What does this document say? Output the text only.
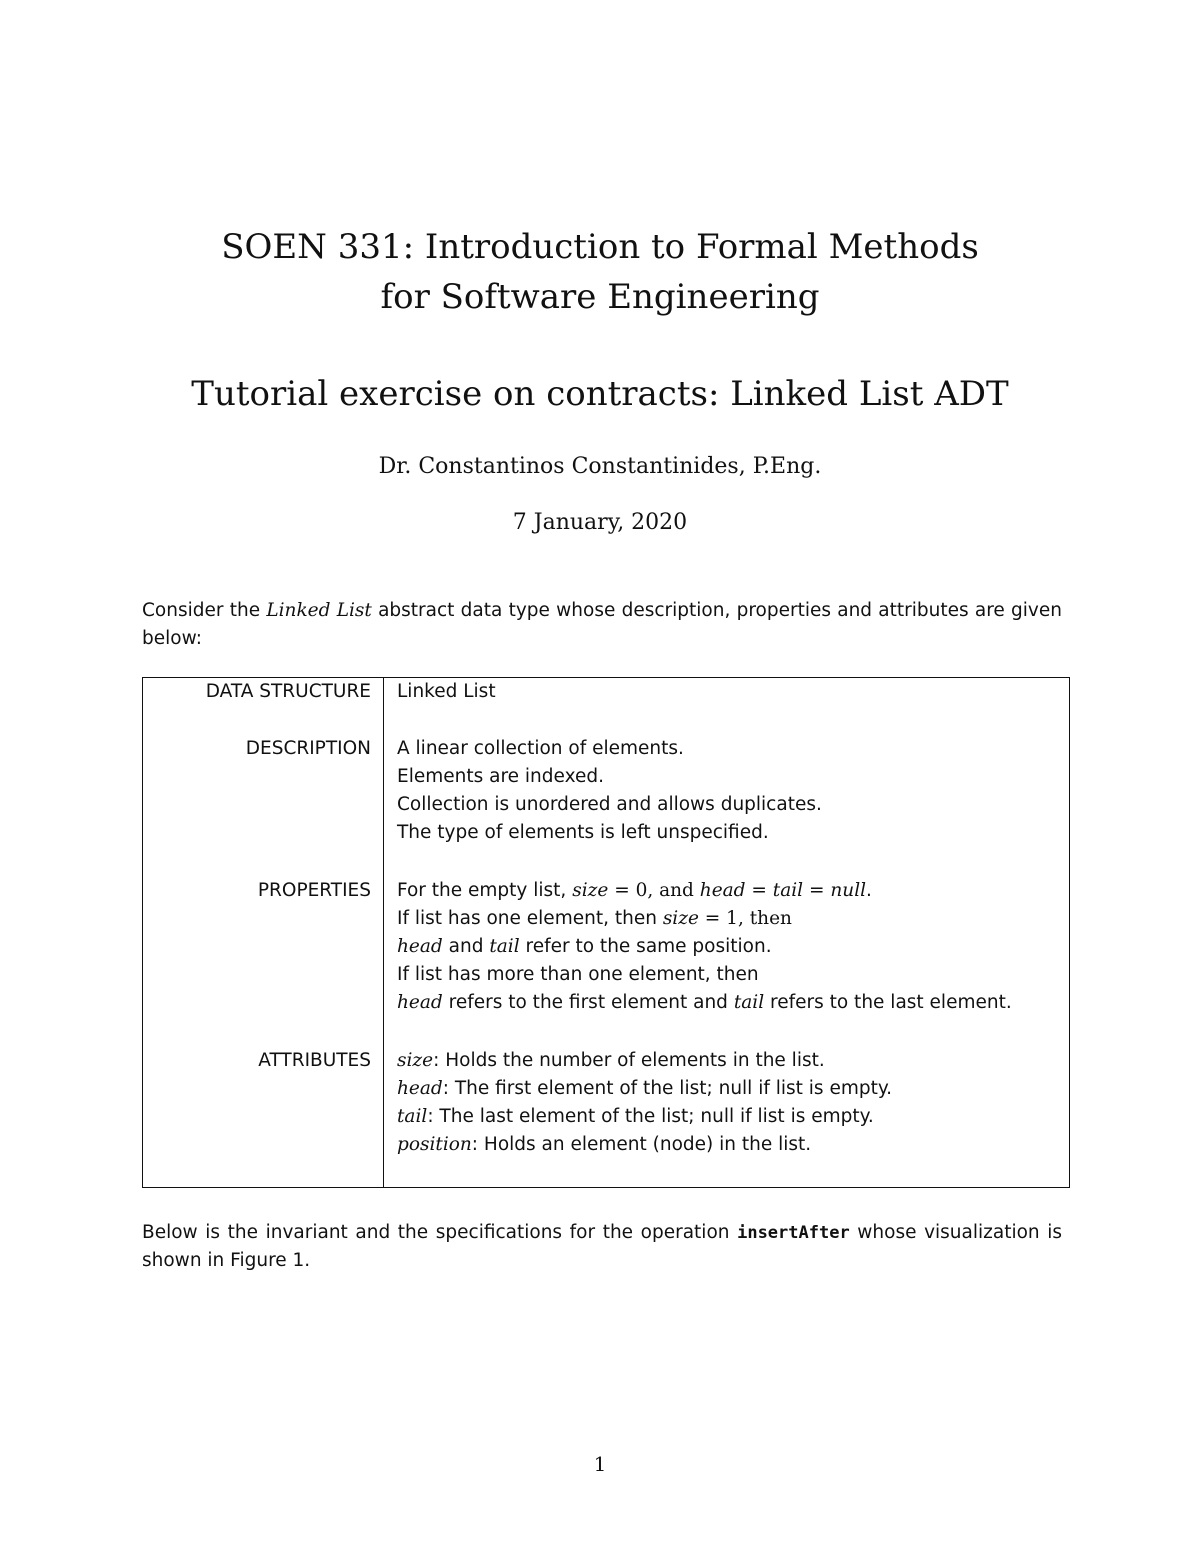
SOEN 331: Introduction to Formal Methods
for Software Engineering
Tutorial exercise on contracts: Linked List ADT

Dr. Constantinos Constantinides, P.Eng.

7 January, 2020

Consider the Linked List abstract data type whose description, properties and attributes are given below:

DATA STRUCTURE Linked List
DESCRIPTION A linear collection of elements.
Elements are indexed.
Collection is unordered and allows duplicates.
The type of elements is left unspecified.
PROPERTIES For the empty list, size = 0, and head = tail = null.
If list has one element, then size = 1, then
head and tail refer to the same position.
If list has more than one element, then
head refers to the first element and tail refers to the last element.
ATTRIBUTES size: Holds the number of elements in the list.
head: The first element of the list; null if list is empty.
tail: The last element of the list; null if list is empty.
position: Holds an element (node) in the list.

Below is the invariant and the specifications for the operation insertAfter whose visualization is shown in Figure 1.

1
